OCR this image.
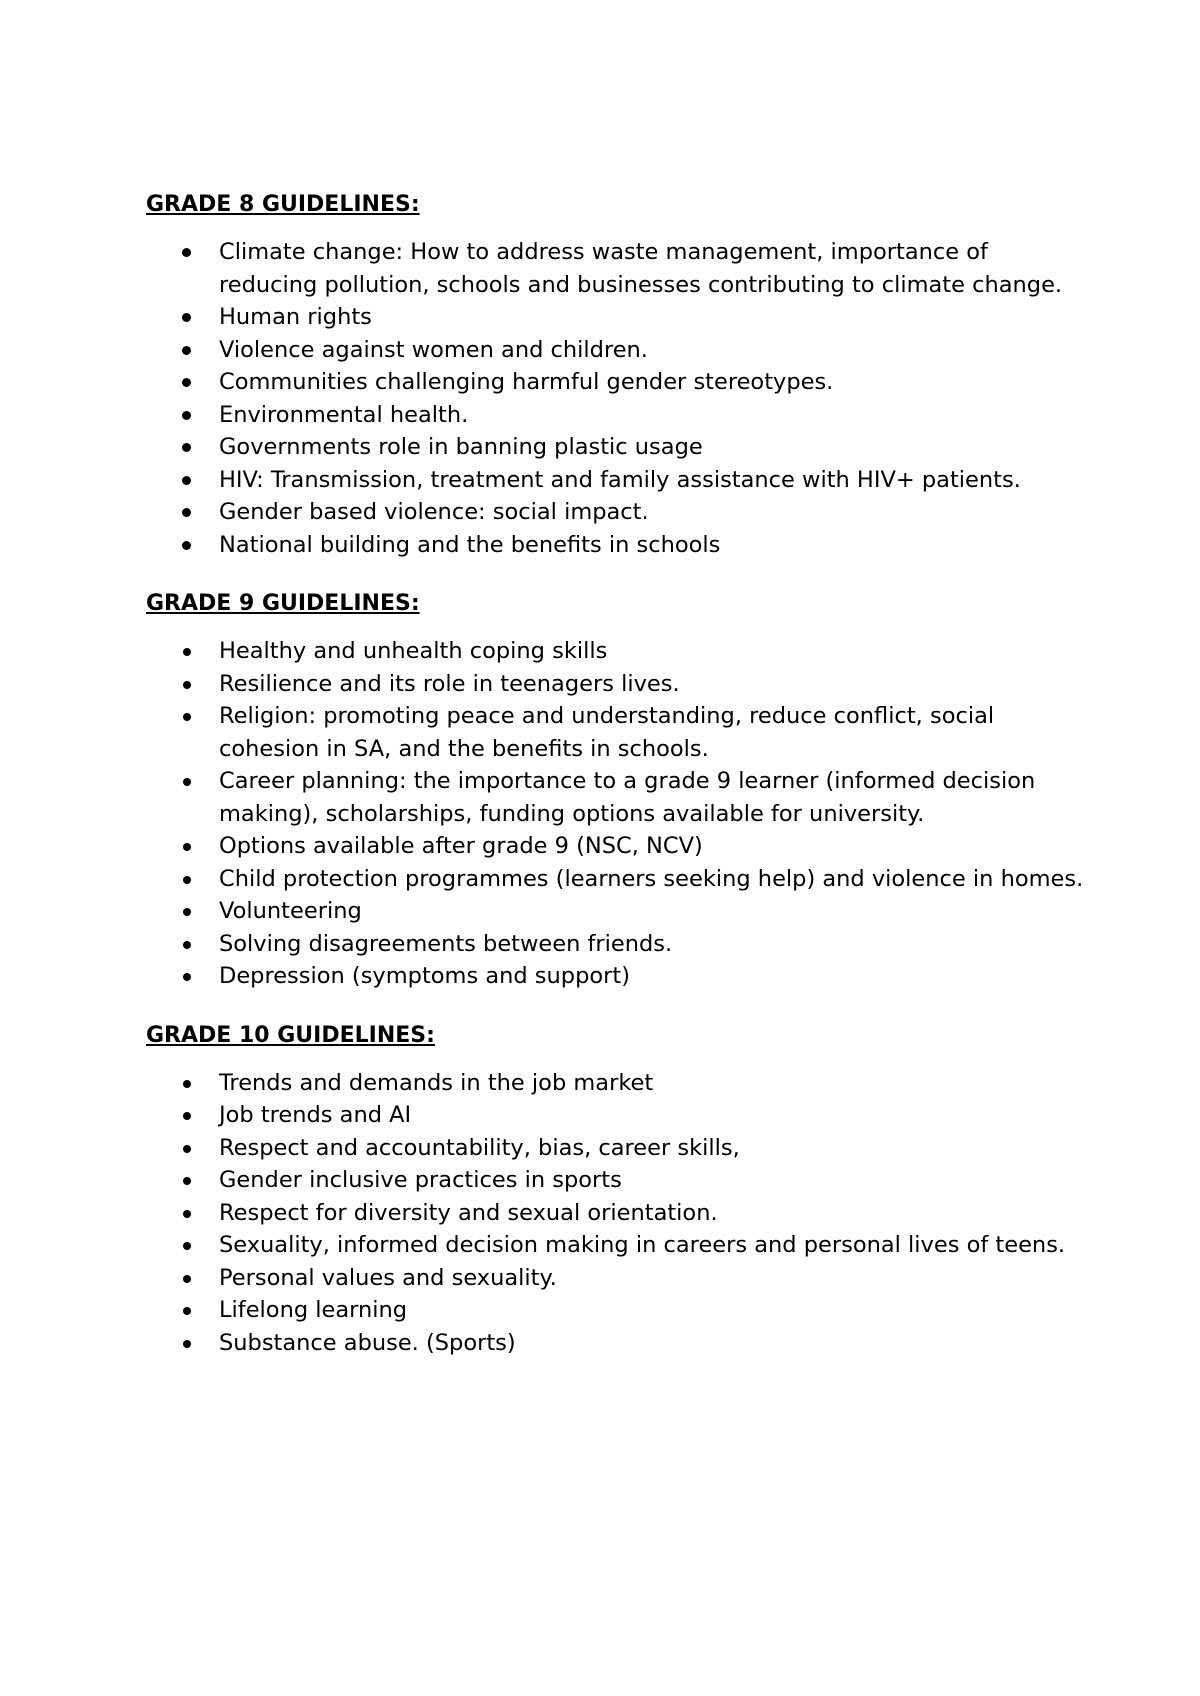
GRADE 8 GUIDELINES:
Climate change: How to address waste management, importance of reducing pollution, schools and businesses contributing to climate change.
Human rights
Violence against women and children.
Communities challenging harmful gender stereotypes.
Environmental health.
Governments role in banning plastic usage
HIV: Transmission, treatment and family assistance with HIV+ patients.
Gender based violence: social impact.
National building and the benefits in schools
GRADE 9 GUIDELINES:
Healthy and unhealth coping skills
Resilience and its role in teenagers lives.
Religion: promoting peace and understanding, reduce conflict, social cohesion in SA, and the benefits in schools.
Career planning: the importance to a grade 9 learner (informed decision making), scholarships, funding options available for university.
Options available after grade 9 (NSC, NCV)
Child protection programmes (learners seeking help) and violence in homes.
Volunteering
Solving disagreements between friends.
Depression (symptoms and support)
GRADE 10 GUIDELINES:
Trends and demands in the job market
Job trends and AI
Respect and accountability, bias, career skills,
Gender inclusive practices in sports
Respect for diversity and sexual orientation.
Sexuality, informed decision making in careers and personal lives of teens.
Personal values and sexuality.
Lifelong learning
Substance abuse. (Sports)
